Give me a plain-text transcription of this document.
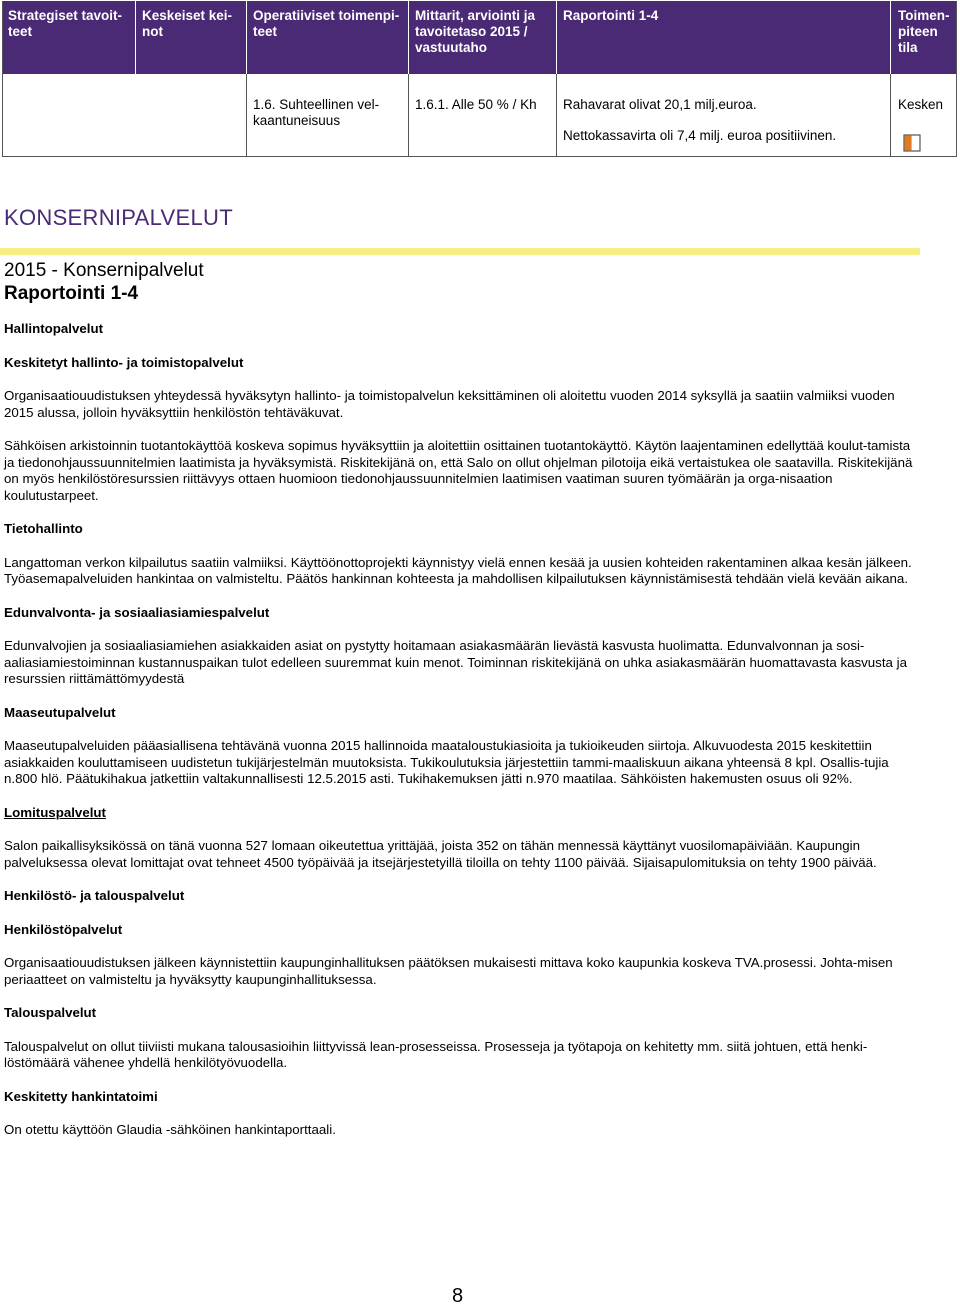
Strategiset tavoit-
teet
Keskeiset kei-
not
Operatiiviset toimenpi-
teet
Mittarit, arviointi ja
tavoitetaso 2015 /
vastuutaho
Raportointi 1-4	Toimen-
piteen
tila
1.6. Suhteellinen vel-
kaantuneisuus
1.6.1. Alle 50 % / Kh Rahavarat olivat 20,1 milj.euroa.
Nettokassavirta oli 7,4 milj. euroa positiivinen.
Kesken
KONSERNIPALVELUT
2015 - Konsernipalvelut
Raportointi 1-4
Hallintopalvelut
Keskitetyt hallinto- ja toimistopalvelut

Organisaatiouudistuksen yhteydessä hyväksytyn hallinto- ja toimistopalvelun keksittäminen oli aloitettu vuoden 2014 syksyllä ja saatiin valmiiksi vuoden 2015 alussa, jolloin hyväksyttiin henkilöstön tehtäväkuvat.

Sähköisen arkistoinnin tuotantokäyttöä koskeva sopimus hyväksyttiin ja aloitettiin osittainen tuotantokäyttö. Käytön laajentaminen edellyttää koulut-tamista ja tiedonohjaussuunnitelmien laatimista ja hyväksymistä. Riskitekijänä on, että Salo on ollut ohjelman pilotoija eikä vertaistukea ole saatavilla. Riskitekijänä on myös henkilöstöresurssien riittävyys ottaen huomioon tiedonohjaussuunnitelmien laatimisen vaatiman suuren työmäärän ja orga-nisaation koulutustarpeet.

Tietohallinto

Langattoman verkon kilpailutus saatiin valmiiksi. Käyttöönottoprojekti käynnistyy vielä ennen kesää ja uusien kohteiden rakentaminen alkaa kesän jälkeen. Työasemapalveluiden hankintaa on valmisteltu. Päätös hankinnan kohteesta ja mahdollisen kilpailutuksen käynnistämisestä tehdään vielä kevään aikana.

Edunvalvonta- ja sosiaaliasiamiespalvelut

Edunvalvojien ja sosiaaliasiamiehen asiakkaiden asiat on pystytty hoitamaan asiakasmäärän lievästä kasvusta huolimatta. Edunvalvonnan ja sosi-aaliasiamiestoiminnan kustannuspaikan tulot edelleen suuremmat kuin menot. Toiminnan riskitekijänä on uhka asiakasmäärän huomattavasta kasvusta ja resurssien riittämättömyydestä

Maaseutupalvelut

Maaseutupalveluiden pääasiallisena tehtävänä vuonna 2015 hallinnoida maataloustukiasioita ja tukioikeuden siirtoja. Alkuvuodesta 2015 keskitettiin asiakkaiden kouluttamiseen uudistetun tukijärjestelmän muutoksista. Tukikoulutuksia järjestettiin tammi-maaliskuun aikana yhteensä 8 kpl. Osallis-tujia n.800 hlö. Päätukihakua jatkettiin valtakunnallisesti 12.5.2015 asti. Tukihakemuksen jätti n.970 maatilaa. Sähköisten hakemusten osuus oli 92%.

Lomituspalvelut

Salon paikallisyksikössä on tänä vuonna 527 lomaan oikeutettua yrittäjää, joista 352 on tähän mennessä käyttänyt vuosilomapäiviään. Kaupungin palveluksessa olevat lomittajat ovat tehneet 4500 työpäivää ja itsejärjestetyillä tiloilla on tehty 1100 päivää. Sijaisapulomituksia on tehty 1900 päivää.

Henkilöstö- ja talouspalvelut
Henkilöstöpalvelut

Organisaatiouudistuksen jälkeen käynnistettiin kaupunginhallituksen päätöksen mukaisesti mittava koko kaupunkia koskeva TVA.prosessi. Johta-misen periaatteet on valmisteltu ja hyväksytty kaupunginhallituksessa.

Talouspalvelut

Talouspalvelut on ollut tiiviisti mukana talousasioihin liittyvissä lean-prosesseissa. Prosesseja ja työtapoja on kehitetty mm. siitä johtuen, että henki-löstömäärä vähenee yhdellä henkilötyövuodella.

Keskitetty hankintatoimi

On otettu käyttöön Glaudia -sähköinen hankintaporttaali.

8
